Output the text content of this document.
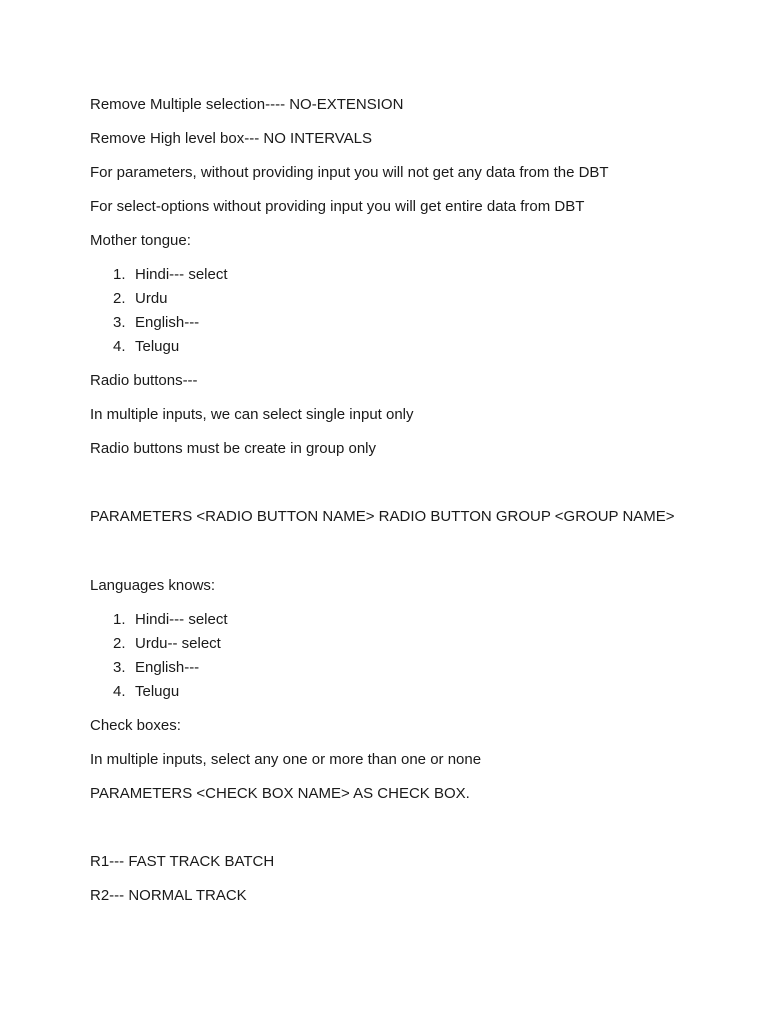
Remove Multiple selection---- NO-EXTENSION
Remove High level box--- NO INTERVALS
For parameters, without providing input you will not get any data from the DBT
For select-options without providing input you will get entire data from DBT
Mother tongue:
1. Hindi--- select
2. Urdu
3. English---
4. Telugu
Radio buttons---
In multiple inputs, we can select single input only
Radio buttons must be create in group only
PARAMETERS <RADIO BUTTON NAME> RADIO BUTTON GROUP <GROUP NAME>
Languages knows:
1. Hindi--- select
2. Urdu-- select
3. English---
4. Telugu
Check boxes:
In multiple inputs, select any one or more than one or none
PARAMETERS <CHECK BOX NAME> AS CHECK BOX.
R1--- FAST TRACK BATCH
R2--- NORMAL TRACK
